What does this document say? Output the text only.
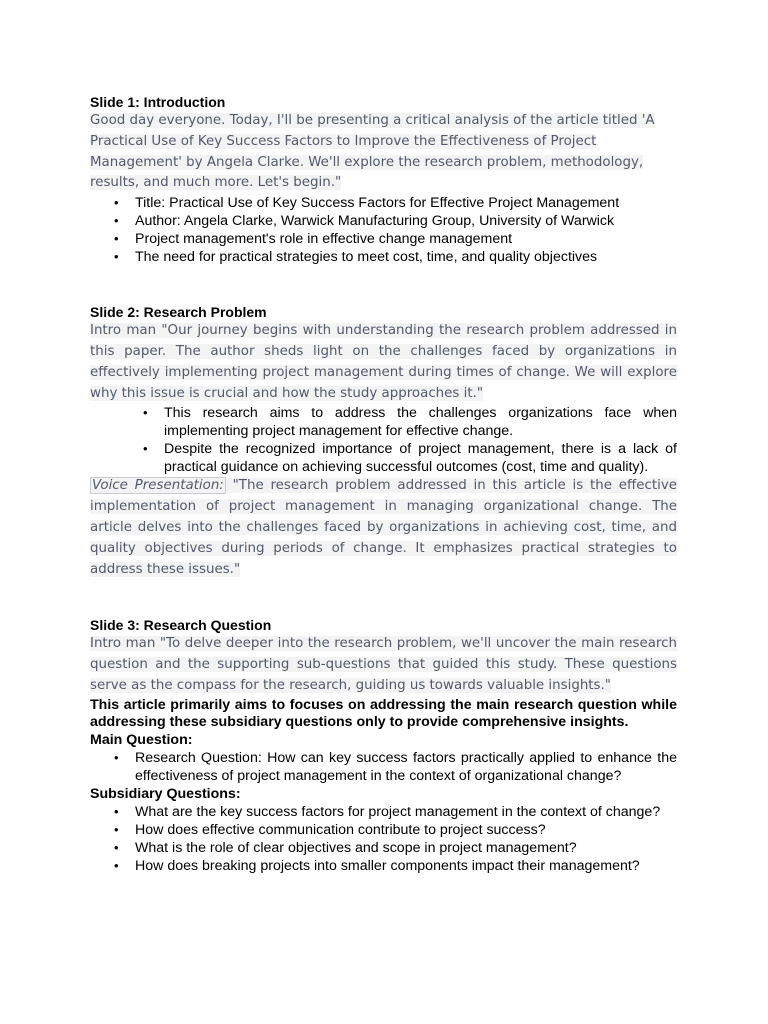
Slide 1: Introduction

Good day everyone. Today, I'll be presenting a critical analysis of the article titled 'A Practical Use of Key Success Factors to Improve the Effectiveness of Project Management' by Angela Clarke. We'll explore the research problem, methodology, results, and much more. Let's begin."

• Title: Practical Use of Key Success Factors for Effective Project Management
• Author: Angela Clarke, Warwick Manufacturing Group, University of Warwick
• Project management's role in effective change management
• The need for practical strategies to meet cost, time, and quality objectives

Slide 2: Research Problem

Intro man "Our journey begins with understanding the research problem addressed in this paper. The author sheds light on the challenges faced by organizations in effectively implementing project management during times of change. We will explore why this issue is crucial and how the study approaches it."

• This research aims to address the challenges organizations face when implementing project management for effective change.
• Despite the recognized importance of project management, there is a lack of practical guidance on achieving successful outcomes (cost, time and quality).

Voice Presentation: "The research problem addressed in this article is the effective implementation of project management in managing organizational change. The article delves into the challenges faced by organizations in achieving cost, time, and quality objectives during periods of change. It emphasizes practical strategies to address these issues."

Slide 3: Research Question

Intro man "To delve deeper into the research problem, we'll uncover the main research question and the supporting sub-questions that guided this study. These questions serve as the compass for the research, guiding us towards valuable insights."

This article primarily aims to focuses on addressing the main research question while addressing these subsidiary questions only to provide comprehensive insights.

Main Question:

• Research Question: How can key success factors practically applied to enhance the effectiveness of project management in the context of organizational change?

Subsidiary Questions:

• What are the key success factors for project management in the context of change?
• How does effective communication contribute to project success?
• What is the role of clear objectives and scope in project management?
• How does breaking projects into smaller components impact their management?
